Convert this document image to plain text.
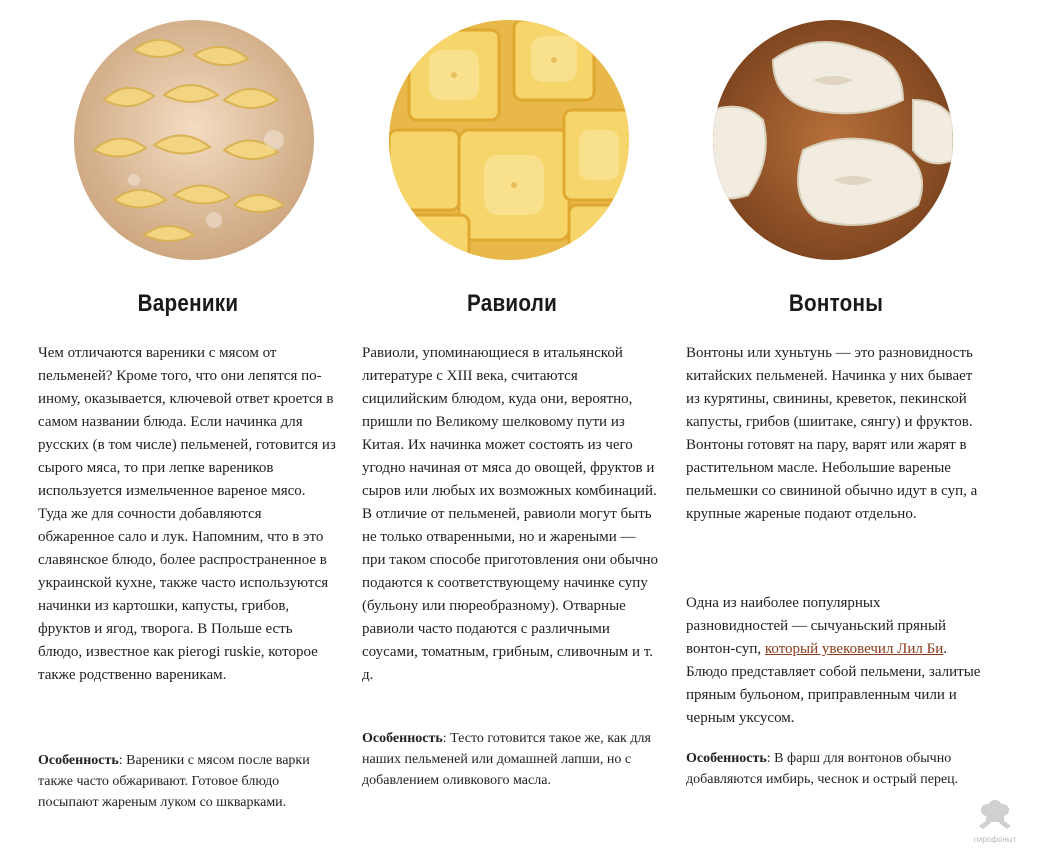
Вареники

Чем отличаются вареники с мясом от пельменей? Кроме того, что они лепятся по-иному, оказывается, ключевой ответ кроется в самом названии блюда. Если начинка для русских (в том числе) пельменей, готовится из сырого мяса, то при лепке вареников используется измельченное вареное мясо. Туда же для сочности добавляются обжаренное сало и лук. Напомним, что в это славянское блюдо, более распространенное в украинской кухне, также часто используются начинки из картошки, капусты, грибов, фруктов и ягод, творога. В Польше есть блюдо, известное как pierogi ruskie, которое также родственно вареникам.

Особенность: Вареники с мясом после варки также часто обжаривают. Готовое блюдо посыпают жареным луком со шкварками.

Равиоли

Равиоли, упоминающиеся в итальянской литературе с XIII века, считаются сицилийским блюдом, куда они, вероятно, пришли по Великому шелковому пути из Китая. Их начинка может состоять из чего угодно начиная от мяса до овощей, фруктов и сыров или любых их возможных комбинаций. В отличие от пельменей, равиоли могут быть не только отваренными, но и жареными — при таком способе приготовления они обычно подаются к соответствующему начинке супу (бульону или пюреобразному). Отварные равиоли часто подаются с различными соусами, томатным, грибным, сливочным и т. д.

Особенность: Тесто готовится такое же, как для наших пельменей или домашней лапши, но с добавлением оливкового масла.

Вонтоны

Вонтоны или хуньтунь — это разновидность китайских пельменей. Начинка у них бывает из курятины, свинины, креветок, пекинской капусты, грибов (шиитаке, сянгу) и фруктов. Вонтоны готовят на пару, варят или жарят в растительном масле. Небольшие вареные пельмешки со свининой обычно идут в суп, а крупные жареные подают отдельно.

Одна из наиболее популярных разновидностей — сычуаньский пряный вонтон-суп, который увековечил Лил Би. Блюдо представляет собой пельмени, залитые пряным бульоном, приправленным чили и черным уксусом.

Особенность: В фарш для вонтонов обычно добавляются имбирь, чеснок и острый перец.

пирофоныт
